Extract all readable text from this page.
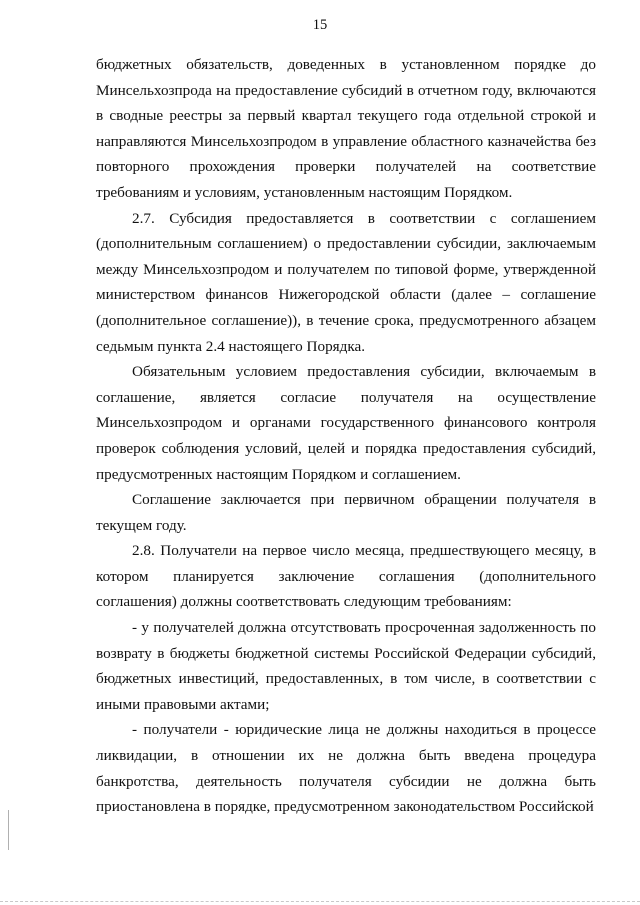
15

бюджетных обязательств, доведенных в установленном порядке до Минсельхозпрода на предоставление субсидий в отчетном году, включаются в сводные реестры за первый квартал текущего года отдельной строкой и направляются Минсельхозпродом в управление областного казначейства без повторного прохождения проверки получателей на соответствие требованиям и условиям, установленным настоящим Порядком.

2.7. Субсидия предоставляется в соответствии с соглашением (дополнительным соглашением) о предоставлении субсидии, заключаемым между Минсельхозпродом и получателем по типовой форме, утвержденной министерством финансов Нижегородской области (далее – соглашение (дополнительное соглашение)), в течение срока, предусмотренного абзацем седьмым пункта 2.4 настоящего Порядка.

Обязательным условием предоставления субсидии, включаемым в соглашение, является согласие получателя на осуществление Минсельхозпродом и органами государственного финансового контроля проверок соблюдения условий, целей и порядка предоставления субсидий, предусмотренных настоящим Порядком и соглашением.

Соглашение заключается при первичном обращении получателя в текущем году.

2.8. Получатели на первое число месяца, предшествующего месяцу, в котором планируется заключение соглашения (дополнительного соглашения) должны соответствовать следующим требованиям:

- у получателей должна отсутствовать просроченная задолженность по возврату в бюджеты бюджетной системы Российской Федерации субсидий, бюджетных инвестиций, предоставленных, в том числе, в соответствии с иными правовыми актами;

- получатели - юридические лица не должны находиться в процессе ликвидации, в отношении их не должна быть введена процедура банкротства, деятельность получателя субсидии не должна быть приостановлена в порядке, предусмотренном законодательством Российской
